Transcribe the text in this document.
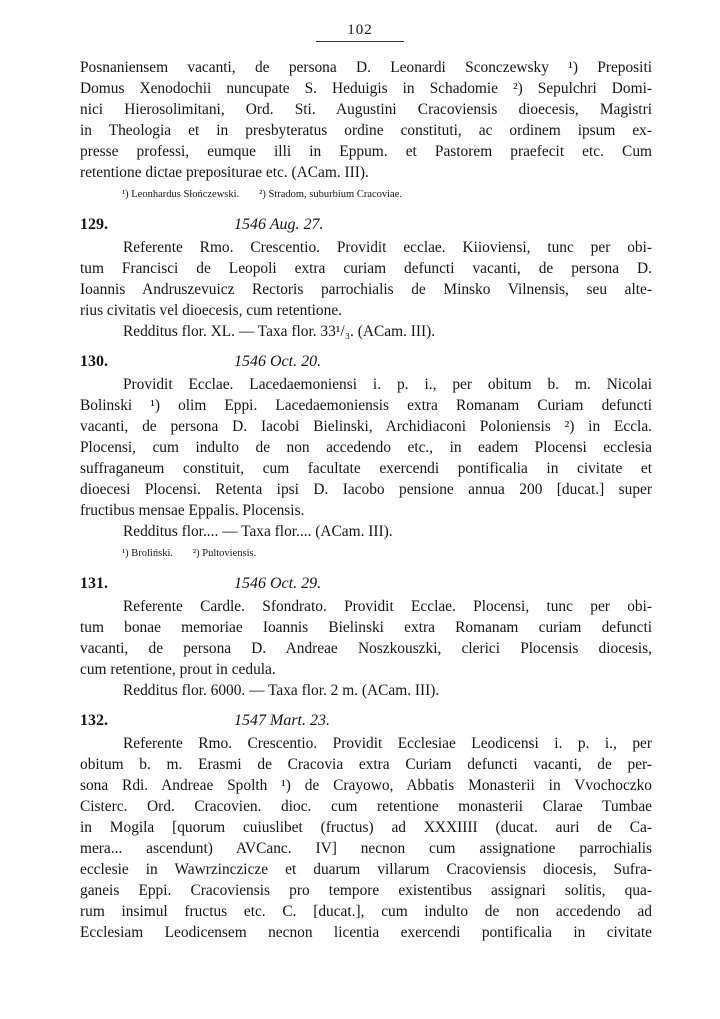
102
Posnaniensem vacanti, de persona D. Leonardi Sconczewsky ¹) Prepositi
Domus Xenodochii nuncupate S. Heduigis in Schadomie ²) Sepulchri Domi-
nici Hierosolimitani, Ord. Sti. Augustini Cracoviensis dioecesis, Magistri
in Theologia et in presbyteratus ordine constituti, ac ordinem ipsum ex-
presse professi, eumque illi in Eppum. et Pastorem praefecit etc. Cum
retentione dictae prepositurae etc. (ACam. III).
¹) Leonhardus Słończewski. ²) Stradom, suburbium Cracoviae.
129.	1546 Aug. 27.
Referente Rmo. Crescentio. Providit ecclae. Kiioviensi, tunc per obi-
tum Francisci de Leopoli extra curiam defuncti vacanti, de persona D.
Ioannis Andruszevuicz Rectoris parrochialis de Minsko Vilnensis, seu alte-
rius civitatis vel dioecesis, cum retentione.
Redditus flor. XL. — Taxa flor. 33¹/₃. (ACam. III).
130.	1546 Oct. 20.
Providit Ecclae. Lacedaemoniensi i. p. i., per obitum b. m. Nicolai
Bolinski ¹) olim Eppi. Lacedaemoniensis extra Romanam Curiam defuncti
vacanti, de persona D. Iacobi Bielinski, Archidiaconi Poloniensis ²) in Eccla.
Plocensi, cum indulto de non accedendo etc., in eadem Plocensi ecclesia
suffraganeum constituit, cum facultate exercendi pontificalia in civitate et
dioecesi Plocensi. Retenta ipsi D. Iacobo pensione annua 200 [ducat.] super
fructibus mensae Eppalis. Plocensis.
Redditus flor.... — Taxa flor.... (ACam. III).
¹) Broliński. ²) Pultoviensis.
131.	1546 Oct. 29.
Referente Cardle. Sfondrato. Providit Ecclae. Plocensi, tunc per obi-
tum bonae memoriae Ioannis Bielinski extra Romanam curiam defuncti
vacanti, de persona D. Andreae Noszkouszki, clerici Plocensis diocesis,
cum retentione, prout in cedula.
Redditus flor. 6000. — Taxa flor. 2 m. (ACam. III).
132.	1547 Mart. 23.
Referente Rmo. Crescentio. Providit Ecclesiae Leodicensi i. p. i., per
obitum b. m. Erasmi de Cracovia extra Curiam defuncti vacanti, de per-
sona Rdi. Andreae Spolth ¹) de Crayowo, Abbatis Monasterii in Vvochoczko
Cisterc. Ord. Cracovien. dioc. cum retentione monasterii Clarae Tumbae
in Mogila [quorum cuiuslibet (fructus) ad XXXIIII (ducat. auri de Ca-
mera... ascendunt) AVCanc. IV] necnon cum assignatione parrochialis
ecclesie in Wawrzinczicze et duarum villarum Cracoviensis diocesis, Sufra-
ganeis Eppi. Cracoviensis pro tempore existentibus assignari solitis, qua-
rum insimul fructus etc. C. [ducat.], cum indulto de non accedendo ad
Ecclesiam Leodicensem necnon licentia exercendi pontificalia in civitate
